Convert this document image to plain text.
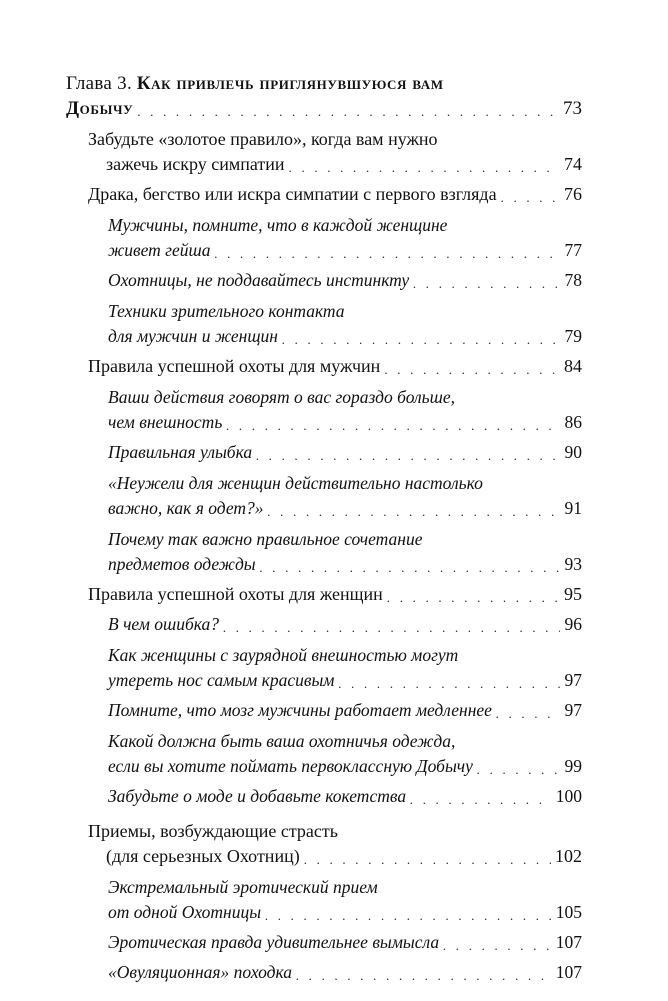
Глава 3. Как привлечь приглянувшуюся вам
Добычу . . .	73
Забудьте «золотое правило», когда вам нужно
зажечь искру симпатии . . .	74
Драка, бегство или искра симпатии с первого взгляда . . .	76
Мужчины, помните, что в каждой женщине
живет гейша . . .	77
Охотницы, не поддавайтесь инстинкту . . .	78
Техники зрительного контакта
для мужчин и женщин . . .	79
Правила успешной охоты для мужчин . . .	84
Ваши действия говорят о вас гораздо больше,
чем внешность . . .	86
Правильная улыбка . . .	90
«Неужели для женщин действительно настолько
важно, как я одет?» . . .	91
Почему так важно правильное сочетание
предметов одежды . . .	93
Правила успешной охоты для женщин . . .	95
В чем ошибка? . . .	96
Как женщины с заурядной внешностью могут
утереть нос самым красивым . . .	97
Помните, что мозг мужчины работает медленнее . . .	97
Какой должна быть ваша охотничья одежда,
если вы хотите поймать первоклассную Добычу . . .	99
Забудьте о моде и добавьте кокетства . . .	100
Приемы, возбуждающие страсть
(для серьезных Охотниц) . . .	102
Экстремальный эротический прием
от одной Охотницы . . .	105
Эротическая правда удивительнее вымысла . . .	107
«Овуляционная» походка . . .	107
